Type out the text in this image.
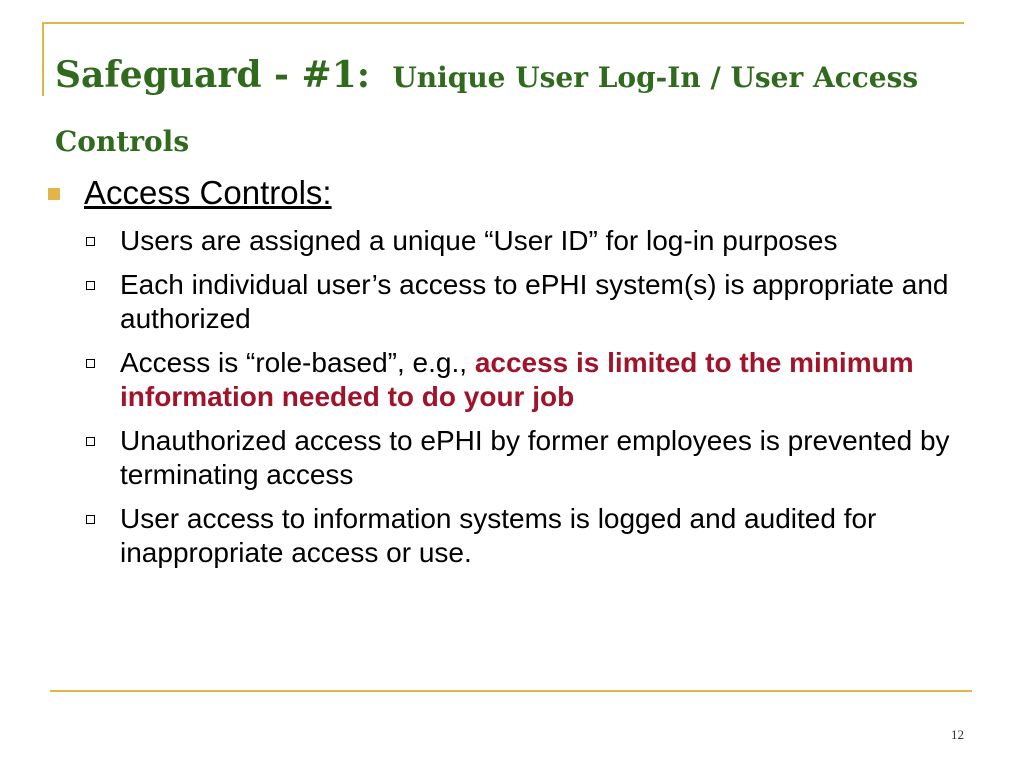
Safeguard - #1: Unique User Log-In / User Access Controls
Access Controls:
Users are assigned a unique “User ID” for log-in purposes
Each individual user’s access to ePHI system(s) is appropriate and authorized
Access is “role-based”, e.g., access is limited to the minimum information needed to do your job
Unauthorized access to ePHI by former employees is prevented by terminating access
User access to information systems is logged and audited for inappropriate access or use.
12
